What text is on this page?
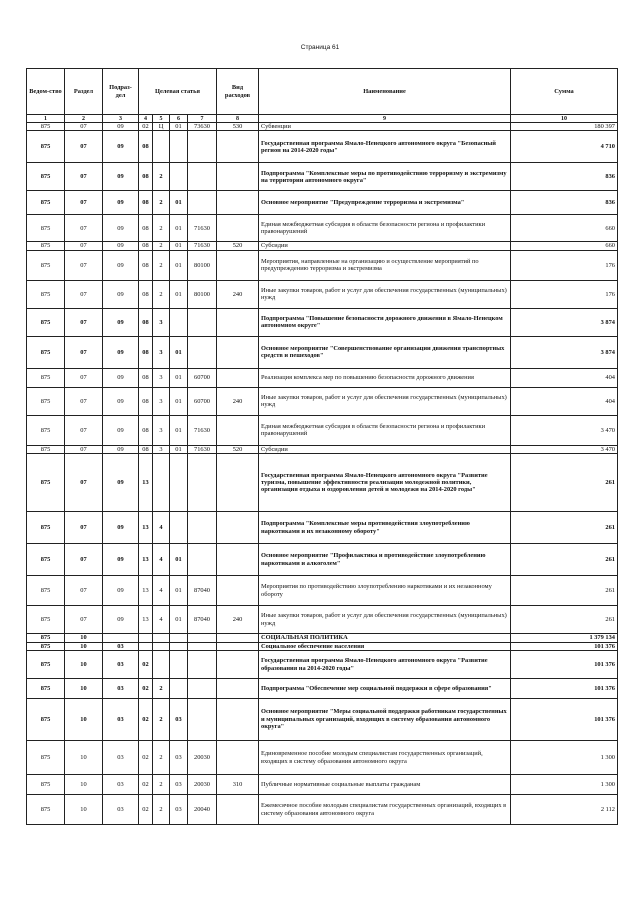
Страница 61
Ведом-ство	Раздел	Подраз-дел	Целевая статья				Вид расходов	Наименование	Сумма
1	2	3	4	5	6	7	8	9	10
875	07	09	02	Ц	01	73630	530	Субвенции	180 397
875	07	09	08					Государственная программа Ямало-Ненецкого автономного округа "Безопасный регион на 2014-2020 годы"	4 710
875	07	09	08	2				Подпрограмма "Комплексные меры по противодействию терроризму и экстремизму на территории автономного округа"	836
875	07	09	08	2	01			Основное мероприятие "Предупреждение терроризма и экстремизма"	836
875	07	09	08	2	01	71630		Единая межбюджетная субсидия в области безопасности региона и профилактики правонарушений	660
875	07	09	08	2	01	71630	520	Субсидии	660
875	07	09	08	2	01	80100		Мероприятия, направленные на организацию и осуществление мероприятий по предупреждению терроризма и экстремизма	176
875	07	09	08	2	01	80100	240	Иные закупки товаров, работ и услуг для обеспечения государственных (муниципальных) нужд	176
875	07	09	08	3				Подпрограмма "Повышение безопасности дорожного движения в Ямало-Ненецком автономном округе"	3 874
875	07	09	08	3	01			Основное мероприятие "Совершенствование организации движения транспортных средств и пешеходов"	3 874
875	07	09	08	3	01	60700		Реализация комплекса мер по повышению безопасности дорожного движения	404
875	07	09	08	3	01	60700	240	Иные закупки товаров, работ и услуг для обеспечения государственных (муниципальных) нужд	404
875	07	09	08	3	01	71630		Единая межбюджетная субсидия в области безопасности региона и профилактики правонарушений	3 470
875	07	09	08	3	01	71630	520	Субсидии	3 470
875	07	09	13					Государственная программа Ямало-Ненецкого автономного округа "Развитие туризма, повышение эффективности реализации молодежной политики, организация отдыха и оздоровления детей и молодежи на 2014-2020 годы"	261
875	07	09	13	4				Подпрограмма "Комплексные меры противодействия злоупотреблению наркотиками и их незаконному обороту"	261
875	07	09	13	4	01			Основное мероприятие "Профилактика и противодействие злоупотреблению наркотиками и алкоголем"	261
875	07	09	13	4	01	87040		Мероприятия по противодействию злоупотреблению наркотиками и их незаконному обороту	261
875	07	09	13	4	01	87040	240	Иные закупки товаров, работ и услуг для обеспечения государственных (муниципальных) нужд	261
875	10							СОЦИАЛЬНАЯ ПОЛИТИКА	1 379 134
875	10	03						Социальное обеспечение населения	101 376
875	10	03	02					Государственная программа Ямало-Ненецкого автономного округа "Развитие образования на 2014-2020 годы"	101 376
875	10	03	02	2				Подпрограмма "Обеспечение мер социальной поддержки в сфере образования"	101 376
875	10	03	02	2	03			Основное мероприятие "Меры социальной поддержки работникам государственных и муниципальных организаций, входящих в систему образования автономного округа"	101 376
875	10	03	02	2	03	20030		Единовременное пособие молодым специалистам государственных организаций, входящих в систему образования автономного округа	1 300
875	10	03	02	2	03	20030	310	Публичные нормативные социальные выплаты гражданам	1 300
875	10	03	02	2	03	20040		Ежемесячное пособие молодым специалистам государственных организаций, входящих в систему образования автономного округа	2 112
